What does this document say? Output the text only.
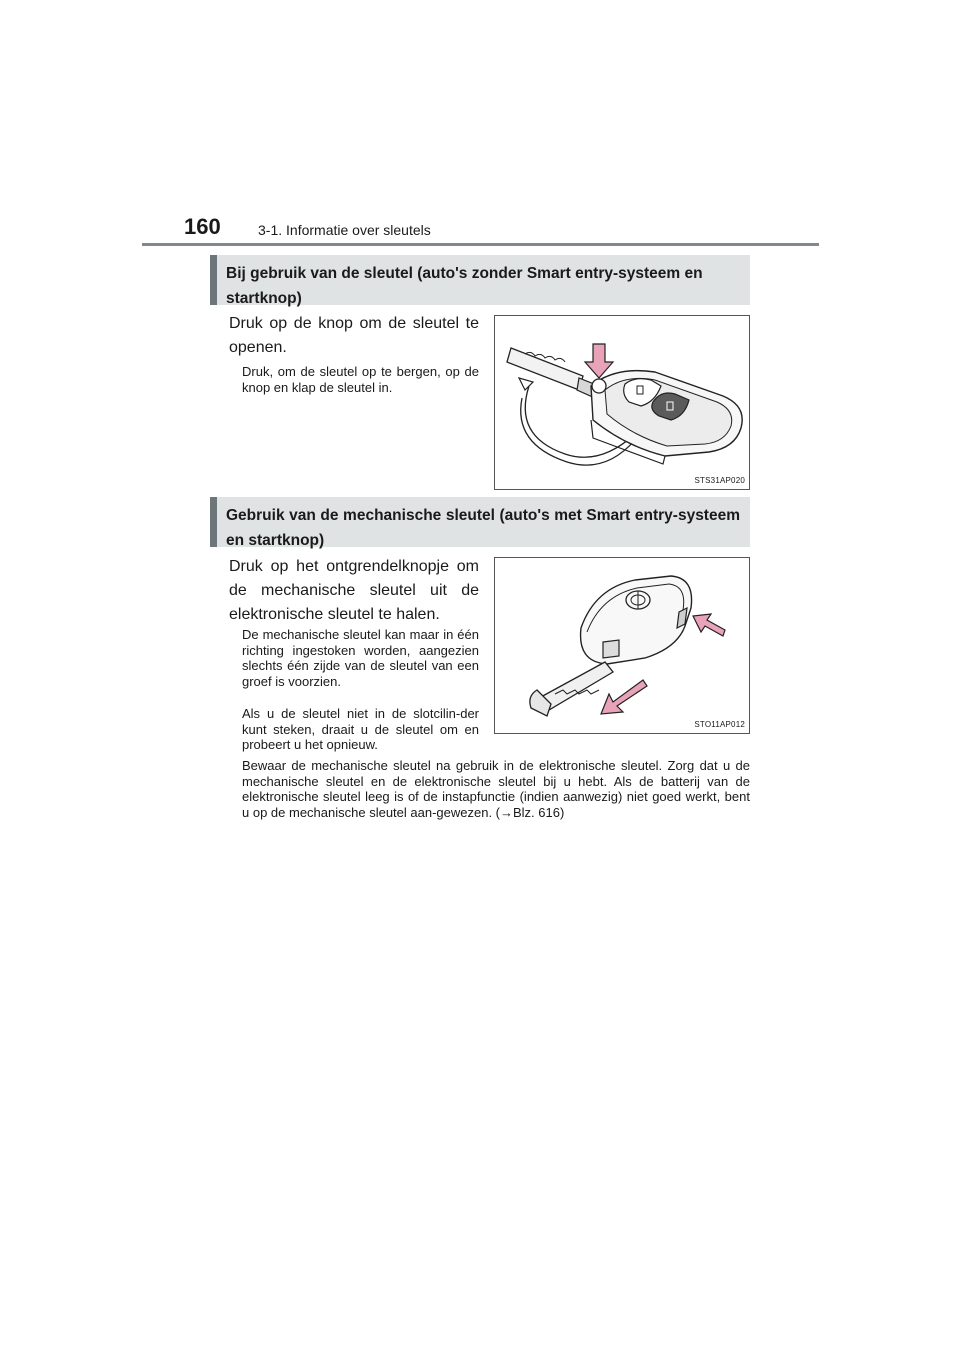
160	3-1. Informatie over sleutels
Bij gebruik van de sleutel (auto's zonder Smart entry-systeem en startknop)
Druk op de knop om de sleutel te openen.
Druk, om de sleutel op te bergen, op de knop en klap de sleutel in.
STS31AP020
Gebruik van de mechanische sleutel (auto's met Smart entry-systeem en startknop)
Druk op het ontgrendelknopje om de mechanische sleutel uit de elektronische sleutel te halen.
De mechanische sleutel kan maar in één richting ingestoken worden, aangezien slechts één zijde van de sleutel van een groef is voorzien.
Als u de sleutel niet in de slotcilin-der kunt steken, draait u de sleutel om en probeert u het opnieuw.
Bewaar de mechanische sleutel na gebruik in de elektronische sleutel. Zorg dat u de mechanische sleutel en de elektronische sleutel bij u hebt. Als de batterij van de elektronische sleutel leeg is of de instapfunctie (indien aanwezig) niet goed werkt, bent u op de mechanische sleutel aan-gewezen. (→Blz. 616)
STO11AP012
